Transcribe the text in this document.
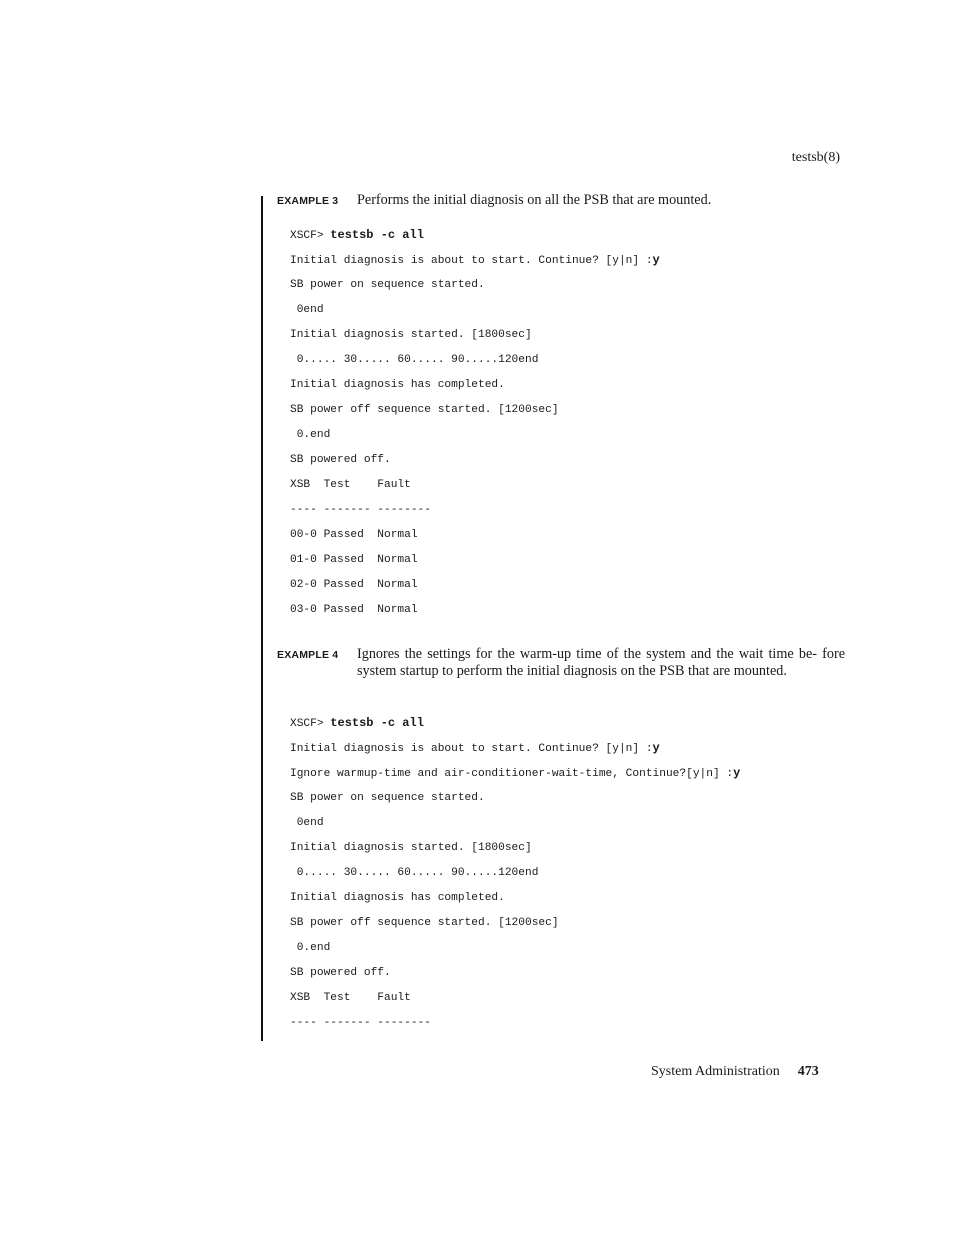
testsb(8)
EXAMPLE 3 Performs the initial diagnosis on all the PSB that are mounted.
XSCF> testsb -c all
Initial diagnosis is about to start. Continue? [y|n] :y
SB power on sequence started.
0end
Initial diagnosis started. [1800sec]
0..... 30..... 60..... 90.....120end
Initial diagnosis has completed.
SB power off sequence started. [1200sec]
0.end
SB powered off.
XSB  Test    Fault
---- ------- --------
00-0 Passed  Normal
01-0 Passed  Normal
02-0 Passed  Normal
03-0 Passed  Normal
EXAMPLE 4 Ignores the settings for the warm-up time of the system and the wait time be- fore system startup to perform the initial diagnosis on the PSB that are mounted.
XSCF> testsb -c all
Initial diagnosis is about to start. Continue? [y|n] :y
Ignore warmup-time and air-conditioner-wait-time, Continue?[y|n] :y
SB power on sequence started.
0end
Initial diagnosis started. [1800sec]
0..... 30..... 60..... 90.....120end
Initial diagnosis has completed.
SB power off sequence started. [1200sec]
0.end
SB powered off.
XSB  Test    Fault
---- ------- --------
System Administration 473
